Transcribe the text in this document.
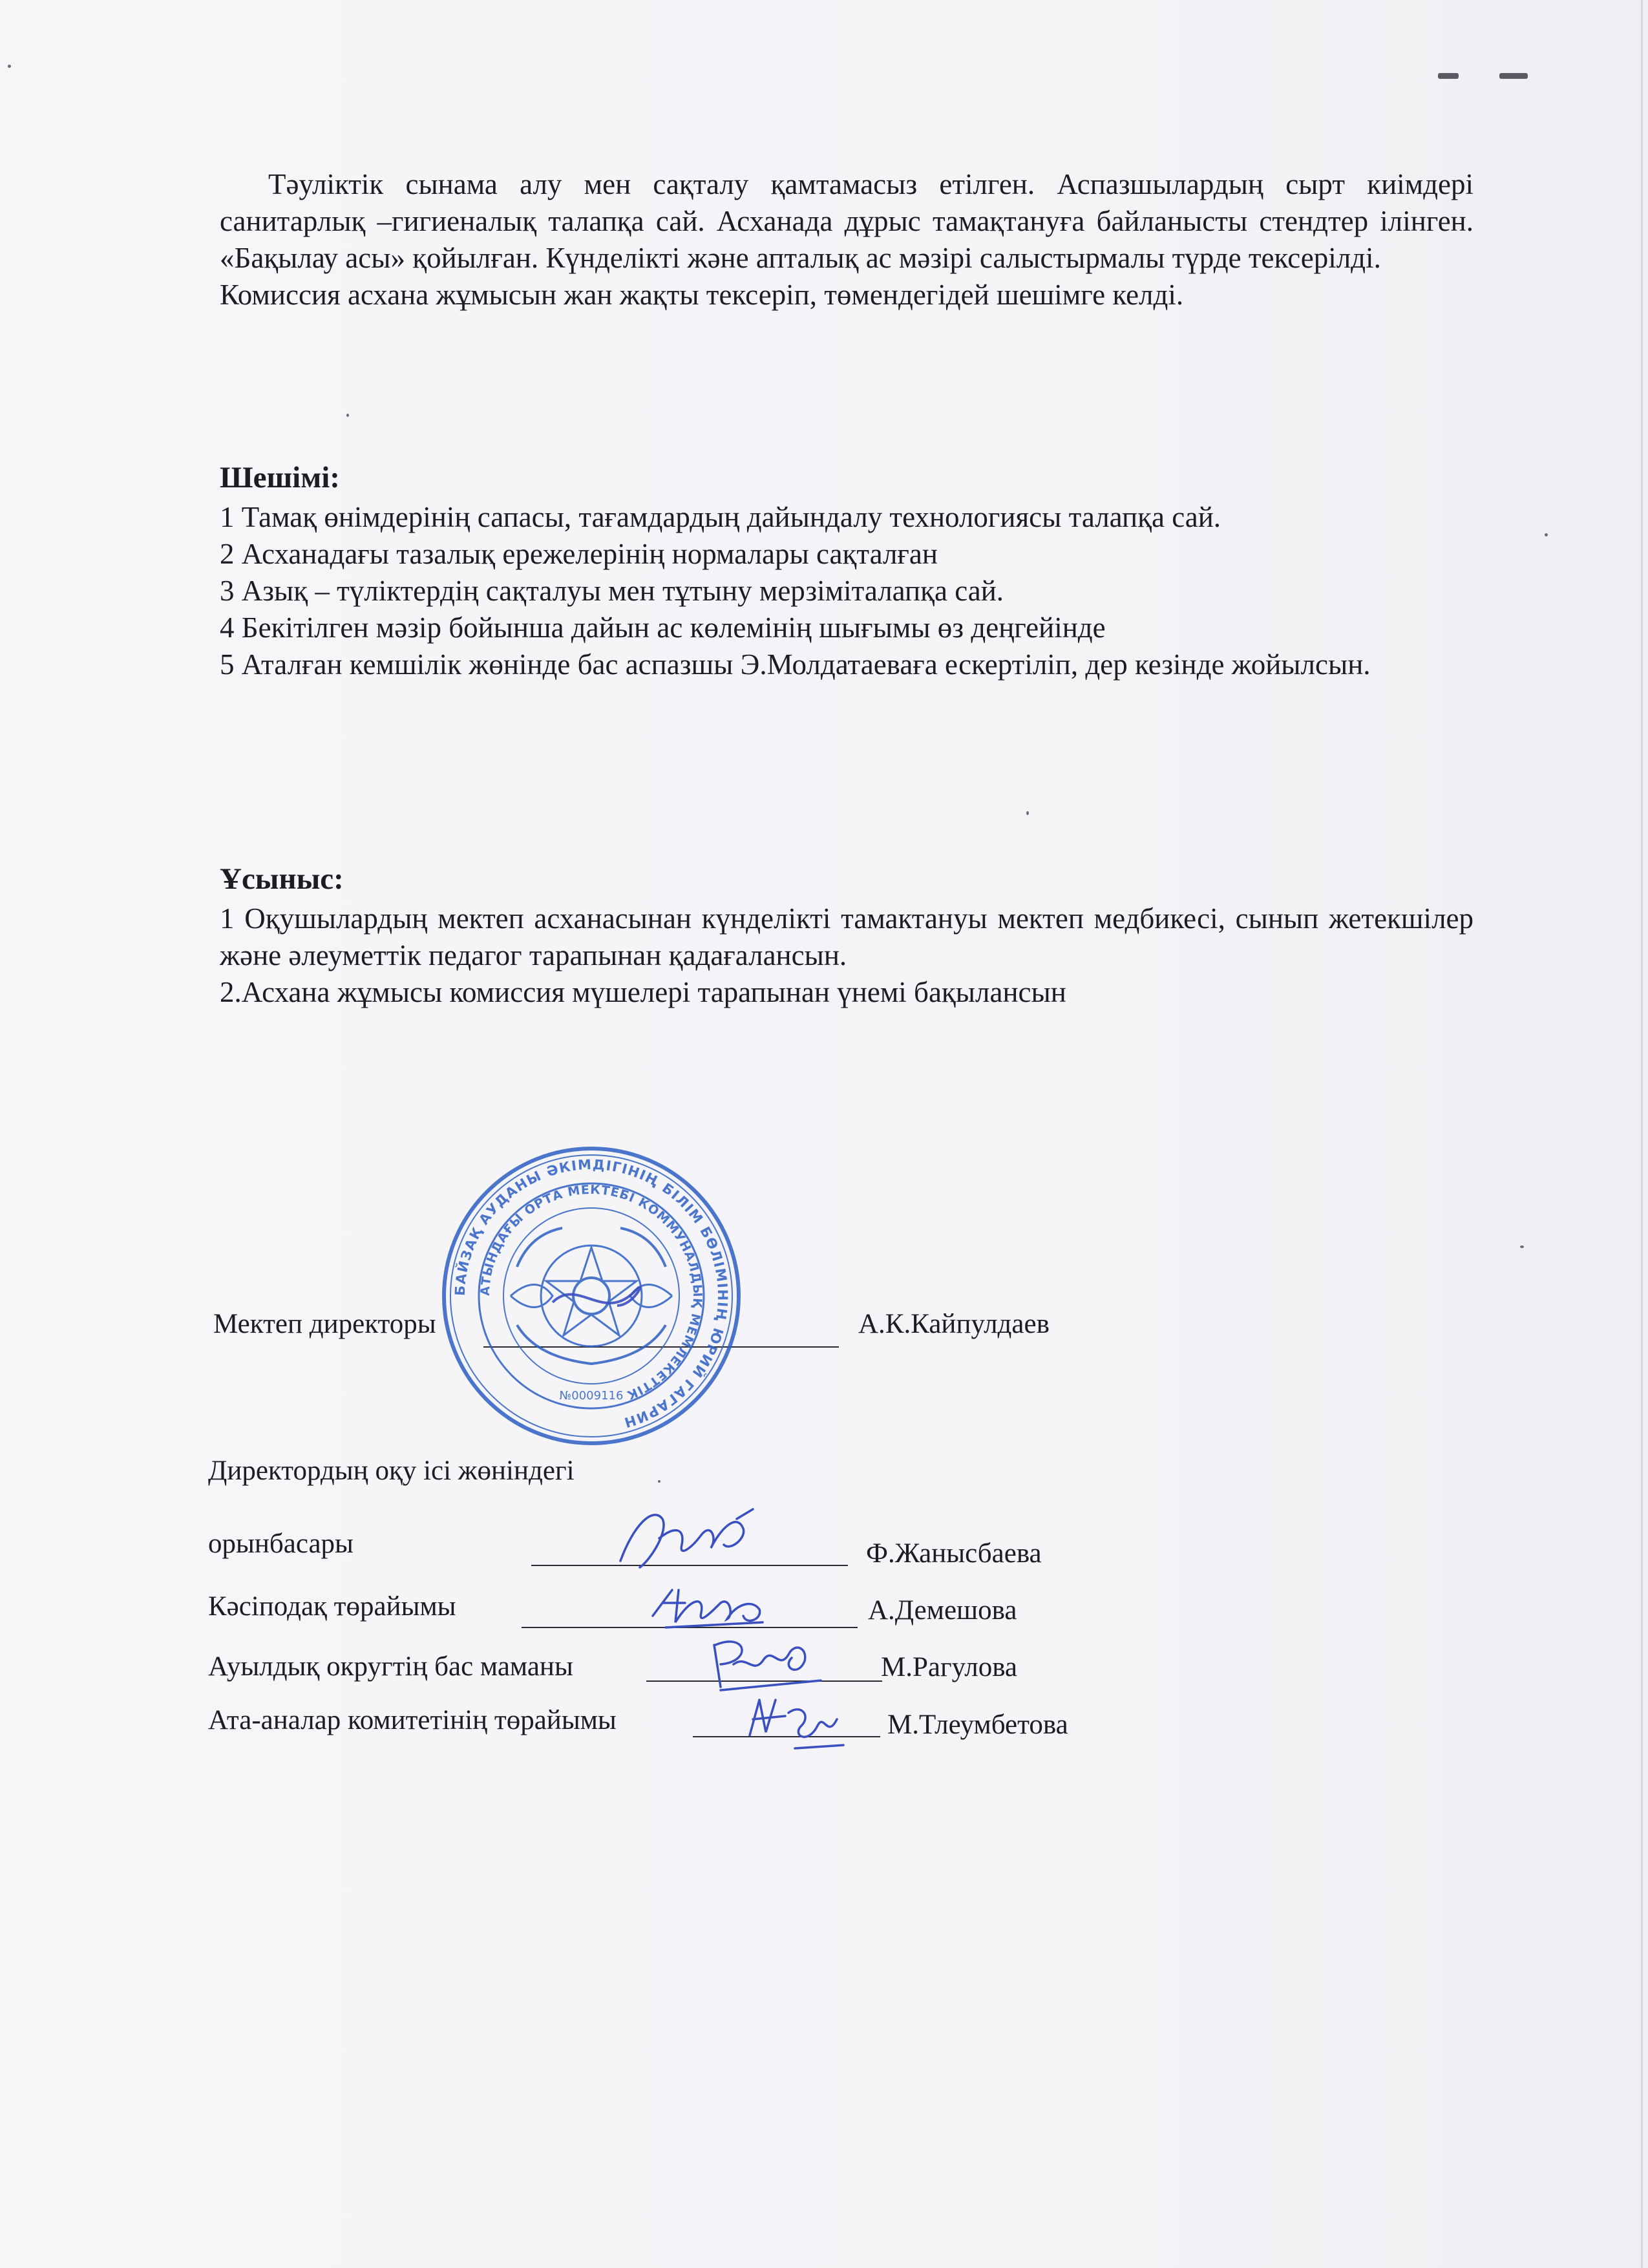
Тәуліктік сынама алу мен сақталу қамтамасыз етілген. Аспазшылардың сырт киімдері санитарлық –гигиеналық талапқа сай. Асханада дұрыс тамақтануға байланысты стендтер ілінген. «Бақылау асы» қойылған. Күнделікті және апталық ас мәзірі салыстырмалы түрде тексерілді.

Комиссия асхана жұмысын жан жақты тексеріп, төмендегідей шешімге келді.

Шешімі:

1 Тамақ өнімдерінің сапасы, тағамдардың дайындалу технологиясы талапқа сай.

2 Асханадағы тазалық ережелерінің нормалары сақталған

3 Азық – түліктердің сақталуы мен тұтыну мерзіміталапқа сай.

4 Бекітілген мәзір бойынша дайын ас көлемінің шығымы өз деңгейінде

5 Аталған кемшілік жөнінде бас аспазшы Э.Молдатаеваға ескертіліп, дер кезінде жойылсын.

Ұсыныс:

1 Оқушылардың мектеп асханасынан күнделікті тамактануы мектеп медбикесі, сынып жетекшілер және әлеуметтік педагог тарапынан қадағалансын.

2.Асхана жұмысы комиссия мүшелері тарапынан үнемі бақылансын

Мектеп директоры	А.К.Кайпулдаев
БАЙЗАҚ АУДАНЫ ӘКІМДІГІНІҢ БІЛІМ БӨЛІМІНІҢ ЮРИЙ ГАГАРИН
АТЫНДАҒЫ ОРТА МЕКТЕБІ КОММУНАЛДЫҚ МЕМЛЕКЕТТІК
№0009116
Директордың оқу ісі жөніндегі
орынбасары	Ф.Жанысбаева
Кәсіподақ төрайымы	А.Демешова
Ауылдық округтің бас маманы	М.Рагулова
Ата-аналар комитетінің төрайымы	М.Тлеумбетова
